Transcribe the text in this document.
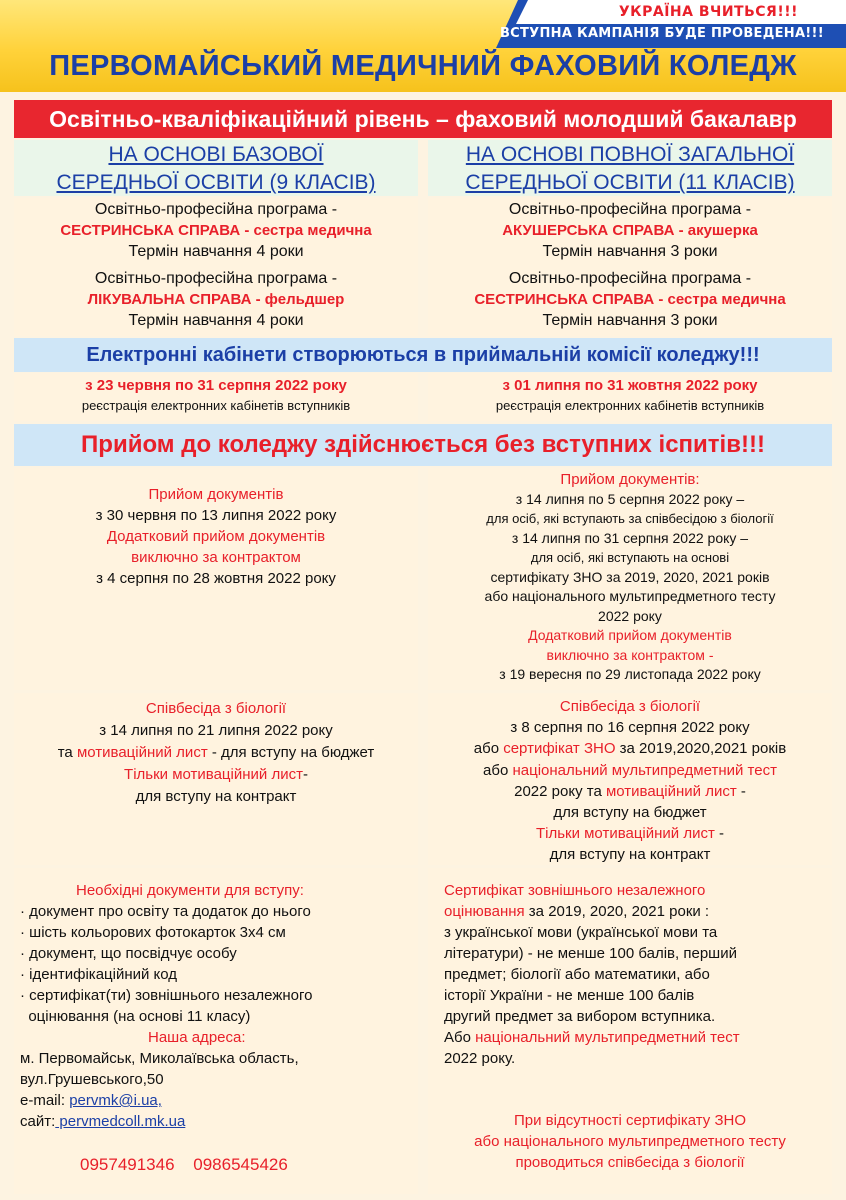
УКРАЇНА ВЧИТЬСЯ!!!
ВСТУПНА КАМПАНІЯ БУДЕ ПРОВЕДЕНА!!!
ПЕРВОМАЙСЬКИЙ МЕДИЧНИЙ ФАХОВИЙ КОЛЕДЖ
Освітньо-кваліфікаційний рівень – фаховий молодший бакалавр
НА ОСНОВІ БАЗОВОЇ
СЕРЕДНЬОЇ ОСВІТИ (9 КЛАСІВ)
НА ОСНОВІ ПОВНОЇ ЗАГАЛЬНОЇ
СЕРЕДНЬОЇ ОСВІТИ (11 КЛАСІВ)
Освітньо-професійна програма -
СЕСТРИНСЬКА СПРАВА - сестра медична
Термін навчання 4 роки
Освітньо-професійна програма -
ЛІКУВАЛЬНА СПРАВА - фельдшер
Термін навчання 4 роки
Освітньо-професійна програма -
АКУШЕРСЬКА СПРАВА - акушерка
Термін навчання 3 роки
Освітньо-професійна програма -
СЕСТРИНСЬКА СПРАВА - сестра медична
Термін навчання 3 роки
Електронні кабінети створюються в приймальній комісії коледжу!!!
з 23 червня по 31 серпня 2022 року
реєстрація електронних кабінетів вступників
з 01 липня по 31 жовтня 2022 року
реєстрація електронних кабінетів вступників
Прийом до коледжу здійснюється без вступних іспитів!!!
Прийом документів
з 30 червня по 13 липня 2022 року
Додатковий прийом документів
виключно за контрактом
з 4 серпня по 28 жовтня 2022 року
Прийом документів:
з 14 липня по 5 серпня 2022 року –
для осіб, які вступають за співбесідою з біології
з 14 липня по 31 серпня 2022 року –
для осіб, які вступають на основі
сертифікату ЗНО за 2019, 2020, 2021 років
або національного мультипредметного тесту
2022 року
Додатковий прийом документів
виключно за контрактом -
з 19 вересня по 29 листопада 2022 року
Співбесіда з біології
з 14 липня по 21 липня 2022 року
та мотиваційний лист - для вступу на бюджет
Тільки мотиваційний лист-
для вступу на контракт
Співбесіда з біології
з 8 серпня по 16 серпня 2022 року
або сертифікат ЗНО за 2019,2020,2021 років
або національний мультипредметний тест
2022 року та мотиваційний лист -
для вступу на бюджет
Тільки мотиваційний лист -
для вступу на контракт
Необхідні документи для вступу:
· документ про освіту та додаток до нього
· шість кольорових фотокарток 3х4 см
· документ, що посвідчує особу
· ідентифікаційний код
· сертифікат(ти) зовнішнього незалежного
оцінювання (на основі 11 класу)
Наша адреса:
м. Первомайськ, Миколаївська область,
вул.Грушевського,50
e-mail: pervmk@i.ua,
сайт: pervmedcoll.mk.ua
0957491346 0986545426
Сертифікат зовнішнього незалежного
оцінювання за 2019, 2020, 2021 роки :
з української мови (української мови та
літератури) - не менше 100 балів, перший
предмет; біології або математики, або
історії України - не менше 100 балів
другий предмет за вибором вступника.
Або національний мультипредметний тест
2022 року.
При відсутності сертифікату ЗНО
або національного мультипредметного тесту
проводиться співбесіда з біології
